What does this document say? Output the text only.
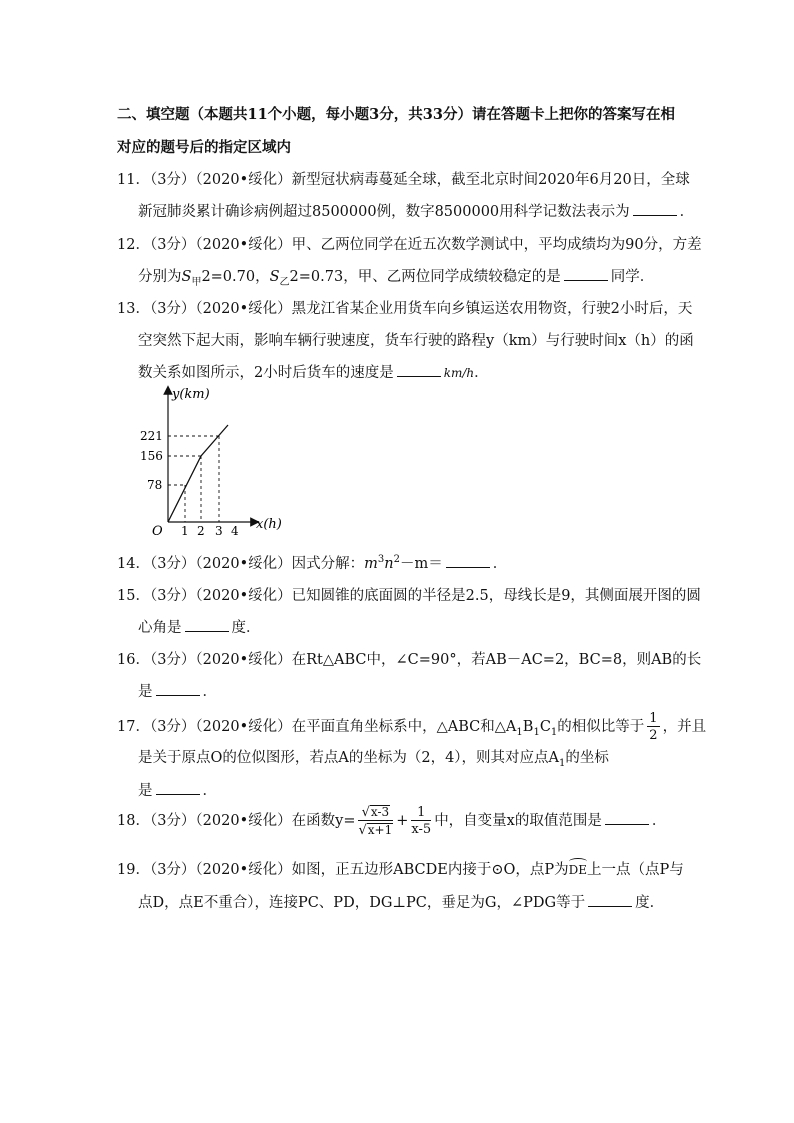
二、填空题（本题共11个小题，每小题3分，共33分）请在答题卡上把你的答案写在相
对应的题号后的指定区域内
11．（3分）（2020•绥化）新型冠状病毒蔓延全球，截至北京时间2020年6月20日，全球
新冠肺炎累计确诊病例超过8500000例，数字8500000用科学记数法表示为	．
12．（3分）（2020•绥化）甲、乙两位同学在近五次数学测试中，平均成绩均为90分，方差
分别为$S_甲2=0.70$，$S_乙2=0.73$，甲、乙两位同学成绩较稳定的是	同学．
13．（3分）（2020•绥化）黑龙江省某企业用货车向乡镇运送农用物资，行驶2小时后，天
空突然下起大雨，影响车辆行驶速度，货车行驶的路程y（km）与行驶时间x（h）的函
数关系如图所示，2小时后货车的速度是	km/h．
y(km)
x(h)
O
221
156
78
1 2 3 4
14．（3分）（2020•绥化）因式分解：$m^3n^2-m=$	．
15．（3分）（2020•绥化）已知圆锥的底面圆的半径是2.5，母线长是9，其侧面展开图的圆
心角是	度．
16．（3分）（2020•绥化）在Rt△ABC中，∠C=90°，若AB－AC=2，BC=8，则AB的长
是	．
17．（3分）（2020•绥化）在平面直角坐标系中，△ABC和$\triangle A_1B_1C_1$的相似比等于 $\frac{1}{2}$ ，并且
是关于原点O的位似图形，若点A的坐标为（2，4），则其对应点$A_1$的坐标
是	．
18．（3分）（2020•绥化）在函数$y= \frac{√x-3}{√x+1} + \frac{1}{x-5}$ 中，自变量x的取值范围是	．
19．（3分）（2020•绥化）如图，正五边形ABCDE内接于⊙O，点P为DE上一点（点P与
点D，点E不重合），连接PC、PD，DG⊥PC，垂足为G，∠PDG等于	度．
